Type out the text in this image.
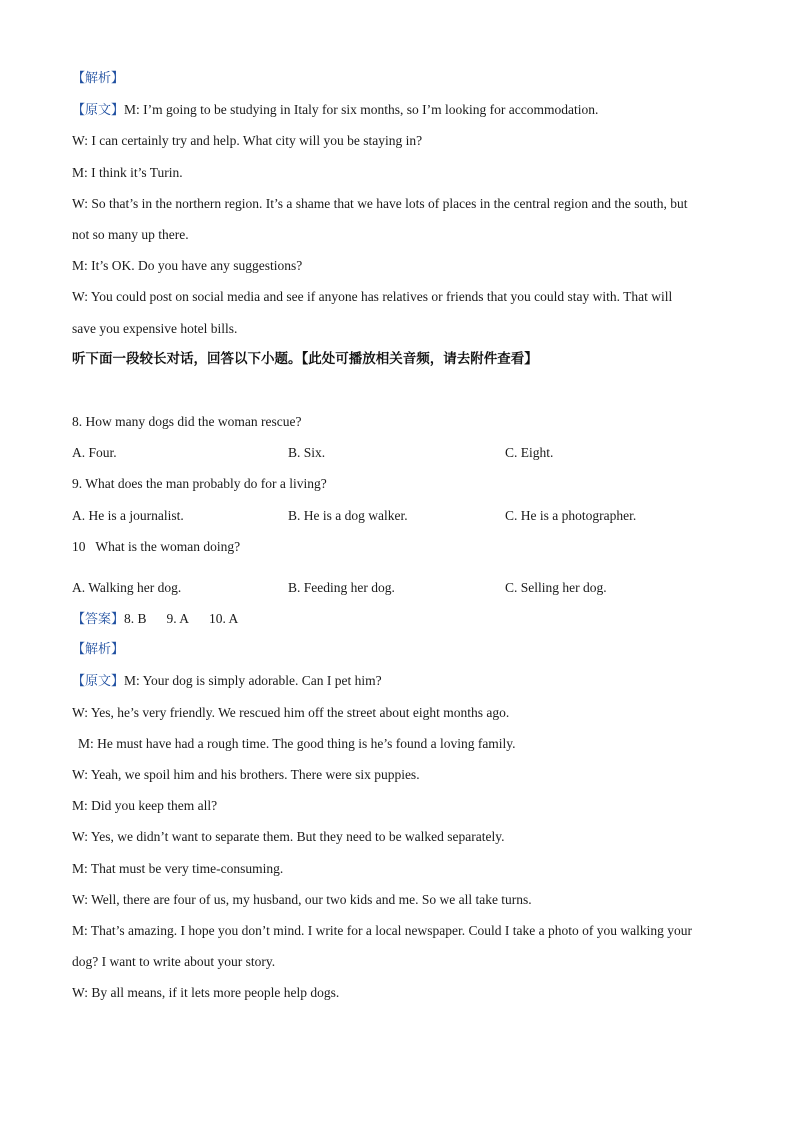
【解析】
【原文】M: I’m going to be studying in Italy for six months, so I’m looking for accommodation.
W: I can certainly try and help. What city will you be staying in?
M: I think it’s Turin.
W: So that’s in the northern region. It’s a shame that we have lots of places in the central region and the south, but
not so many up there.
M: It’s OK. Do you have any suggestions?
W: You could post on social media and see if anyone has relatives or friends that you could stay with. That will
save you expensive hotel bills.
听下面一段较长对话，回答以下小题。【此处可播放相关音频，请去附件查看】
8. How many dogs did the woman rescue?
A. Four.	B. Six.	C. Eight.
9. What does the man probably do for a living?
A. He is a journalist.	B. He is a dog walker.	C. He is a photographer.
10   What is the woman doing?
A. Walking her dog.	B. Feeding her dog.	C. Selling her dog.
【答案】8. B 9. A 10. A
【解析】
【原文】M: Your dog is simply adorable. Can I pet him?
W: Yes, he’s very friendly. We rescued him off the street about eight months ago.
M: He must have had a rough time. The good thing is he’s found a loving family.
W: Yeah, we spoil him and his brothers. There were six puppies.
M: Did you keep them all?
W: Yes, we didn’t want to separate them. But they need to be walked separately.
M: That must be very time-consuming.
W: Well, there are four of us, my husband, our two kids and me. So we all take turns.
M: That’s amazing. I hope you don’t mind. I write for a local newspaper. Could I take a photo of you walking your
dog? I want to write about your story.
W: By all means, if it lets more people help dogs.
